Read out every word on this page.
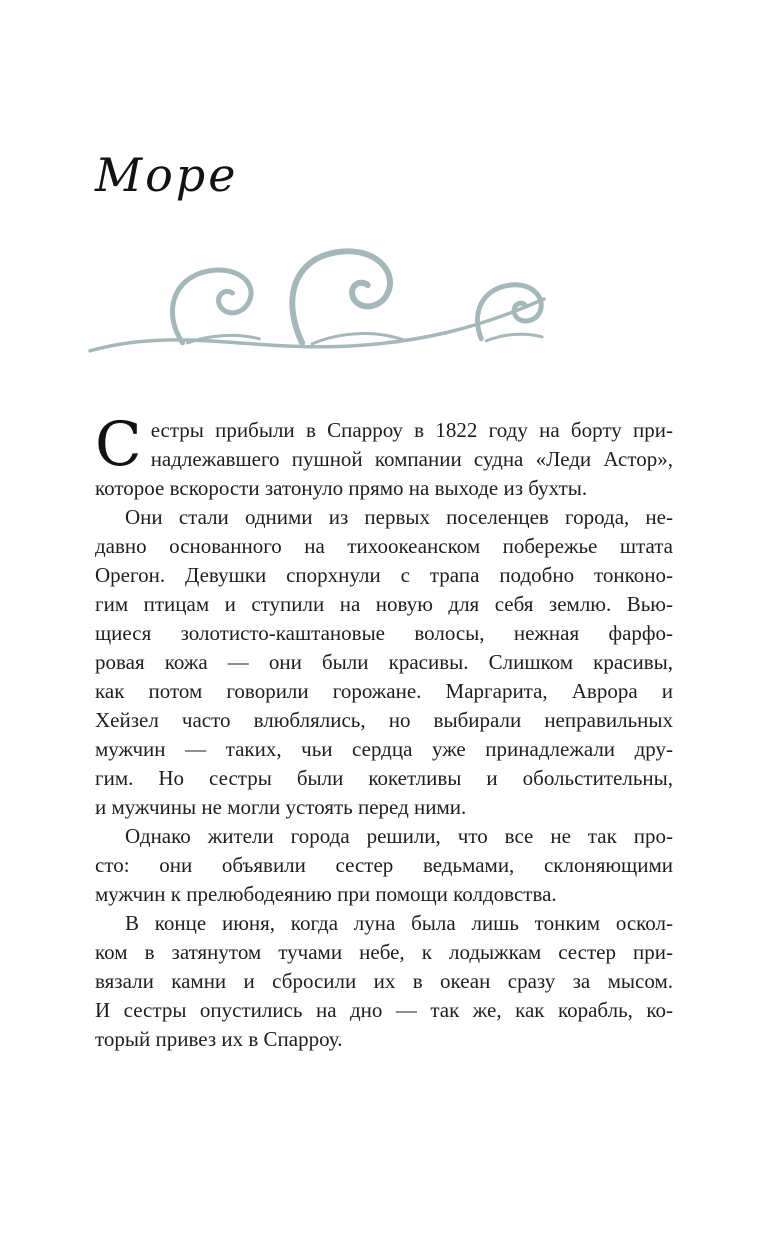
Море
С естры прибыли в Спарроу в 1822 году на борту при-
надлежавшего пушной компании судна «Леди Астор»,
которое вскорости затонуло прямо на выходе из бухты.
Они стали одними из первых поселенцев города, не-
давно основанного на тихоокеанском побережье штата
Орегон. Девушки спорхнули с трапа подобно тонконо-
гим птицам и ступили на новую для себя землю. Вью-
щиеся золотисто-каштановые волосы, нежная фарфо-
ровая кожа — они были красивы. Слишком красивы,
как потом говорили горожане. Маргарита, Аврора и
Хейзел часто влюблялись, но выбирали неправильных
мужчин — таких, чьи сердца уже принадлежали дру-
гим. Но сестры были кокетливы и обольстительны,
и мужчины не могли устоять перед ними.
Однако жители города решили, что все не так про-
сто: они объявили сестер ведьмами, склоняющими
мужчин к прелюбодеянию при помощи колдовства.
В конце июня, когда луна была лишь тонким оскол-
ком в затянутом тучами небе, к лодыжкам сестер при-
вязали камни и сбросили их в океан сразу за мысом.
И сестры опустились на дно — так же, как корабль, ко-
торый привез их в Спарроу.
